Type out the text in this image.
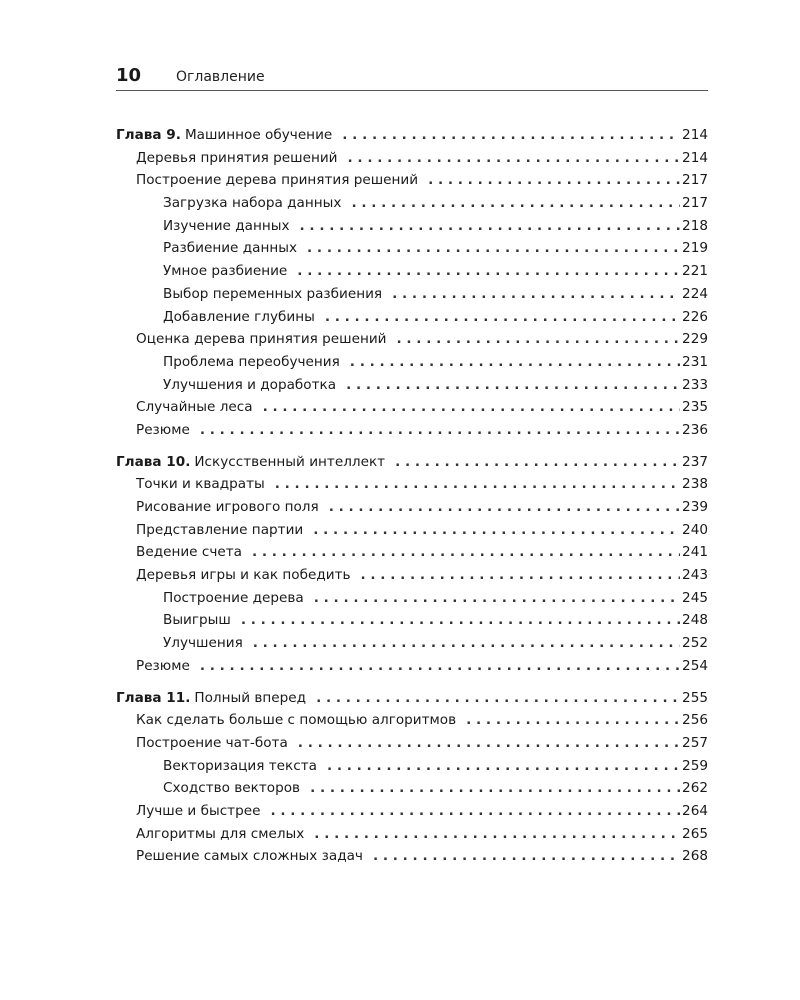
10 Оглавление
Глава 9. Машинное обучение . . .	214
Деревья принятия решений . . .	214
Построение дерева принятия решений . . .	217
Загрузка набора данных . . .	217
Изучение данных . . .	218
Разбиение данных . . .	219
Умное разбиение . . .	221
Выбор переменных разбиения . . .	224
Добавление глубины . . .	226
Оценка дерева принятия решений . . .	229
Проблема переобучения . . .	231
Улучшения и доработка . . .	233
Случайные леса . . .	235
Резюме . . .	236
Глава 10. Искусственный интеллект . . .	237
Точки и квадраты . . .	238
Рисование игрового поля . . .	239
Представление партии . . .	240
Ведение счета . . .	241
Деревья игры и как победить . . .	243
Построение дерева . . .	245
Выигрыш . . .	248
Улучшения . . .	252
Резюме . . .	254
Глава 11. Полный вперед . . .	255
Как сделать больше с помощью алгоритмов . . .	256
Построение чат-бота . . .	257
Векторизация текста . . .	259
Сходство векторов . . .	262
Лучше и быстрее . . .	264
Алгоритмы для смелых . . .	265
Решение самых сложных задач . . .	268
